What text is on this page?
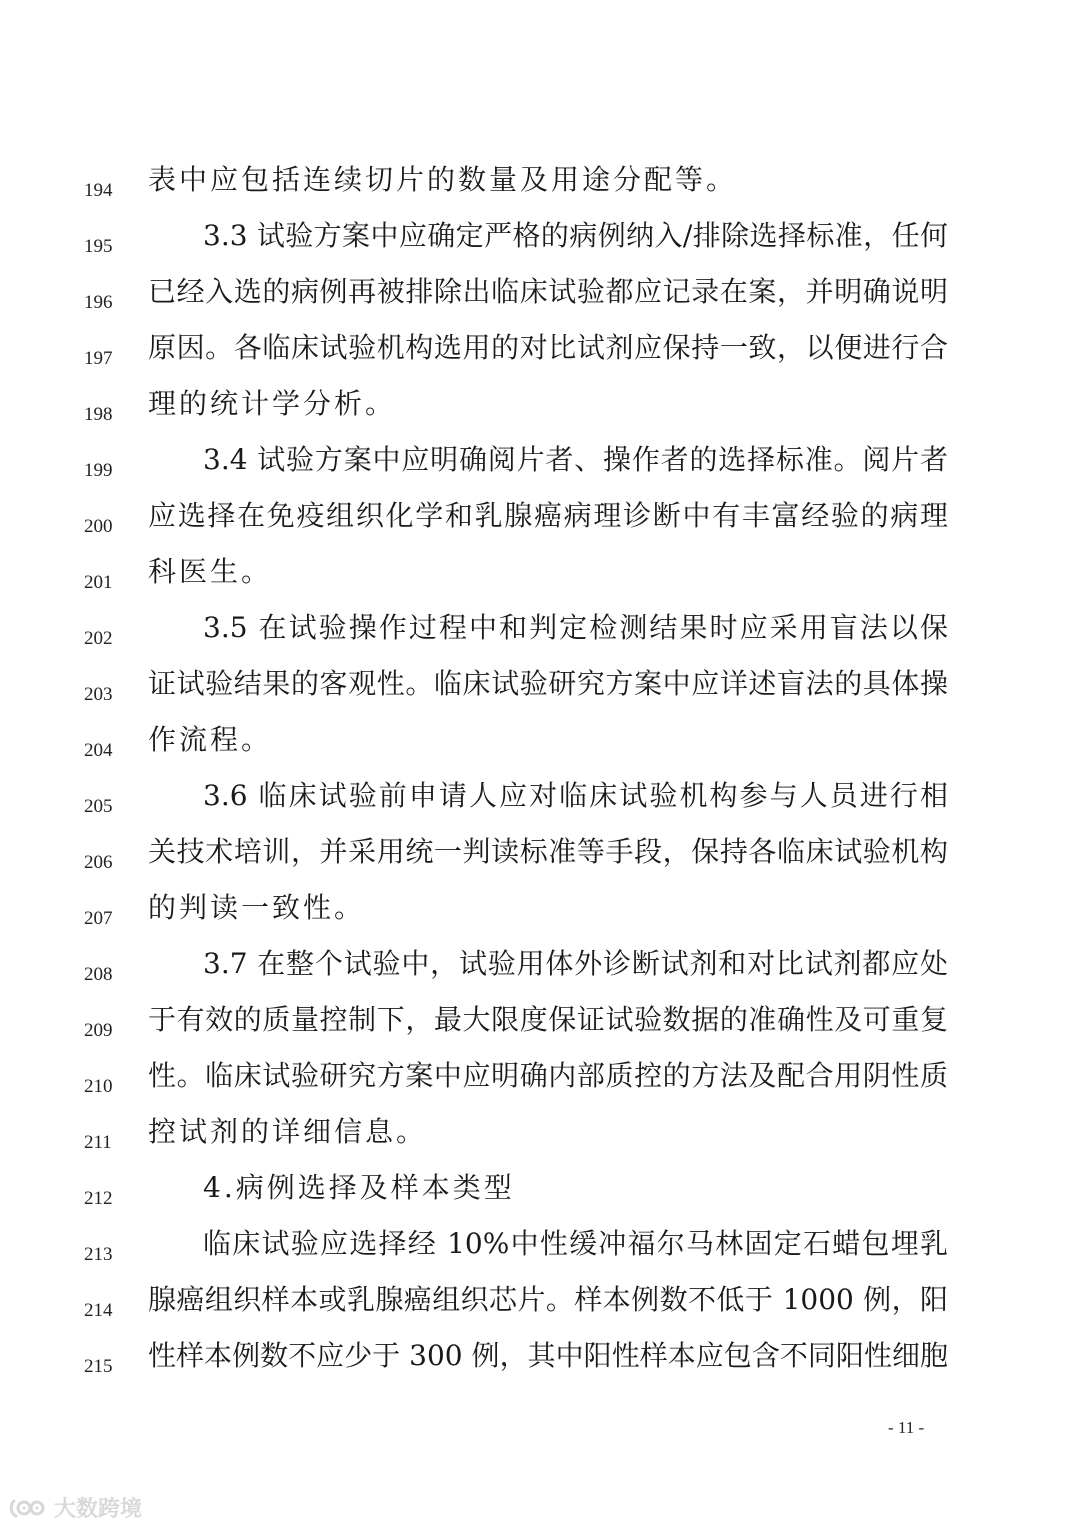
194	表中应包括连续切片的数量及用途分配等。
195	3.3 试验方案中应确定严格的病例纳入/排除选择标准，任何
196	已经入选的病例再被排除出临床试验都应记录在案，并明确说明
197	原因。各临床试验机构选用的对比试剂应保持一致，以便进行合
198	理的统计学分析。
199	3.4 试验方案中应明确阅片者、操作者的选择标准。阅片者
200	应选择在免疫组织化学和乳腺癌病理诊断中有丰富经验的病理
201	科医生。
202	3.5 在试验操作过程中和判定检测结果时应采用盲法以保
203	证试验结果的客观性。临床试验研究方案中应详述盲法的具体操
204	作流程。
205	3.6 临床试验前申请人应对临床试验机构参与人员进行相
206	关技术培训，并采用统一判读标准等手段，保持各临床试验机构
207	的判读一致性。
208	3.7 在整个试验中，试验用体外诊断试剂和对比试剂都应处
209	于有效的质量控制下，最大限度保证试验数据的准确性及可重复
210	性。临床试验研究方案中应明确内部质控的方法及配合用阴性质
211	控试剂的详细信息。
212	4.病例选择及样本类型
213	临床试验应选择经 10%中性缓冲福尔马林固定石蜡包埋乳
214	腺癌组织样本或乳腺癌组织芯片。样本例数不低于 1000 例，阳
215	性样本例数不应少于 300 例，其中阳性样本应包含不同阳性细胞
- 11 -
大数跨境
